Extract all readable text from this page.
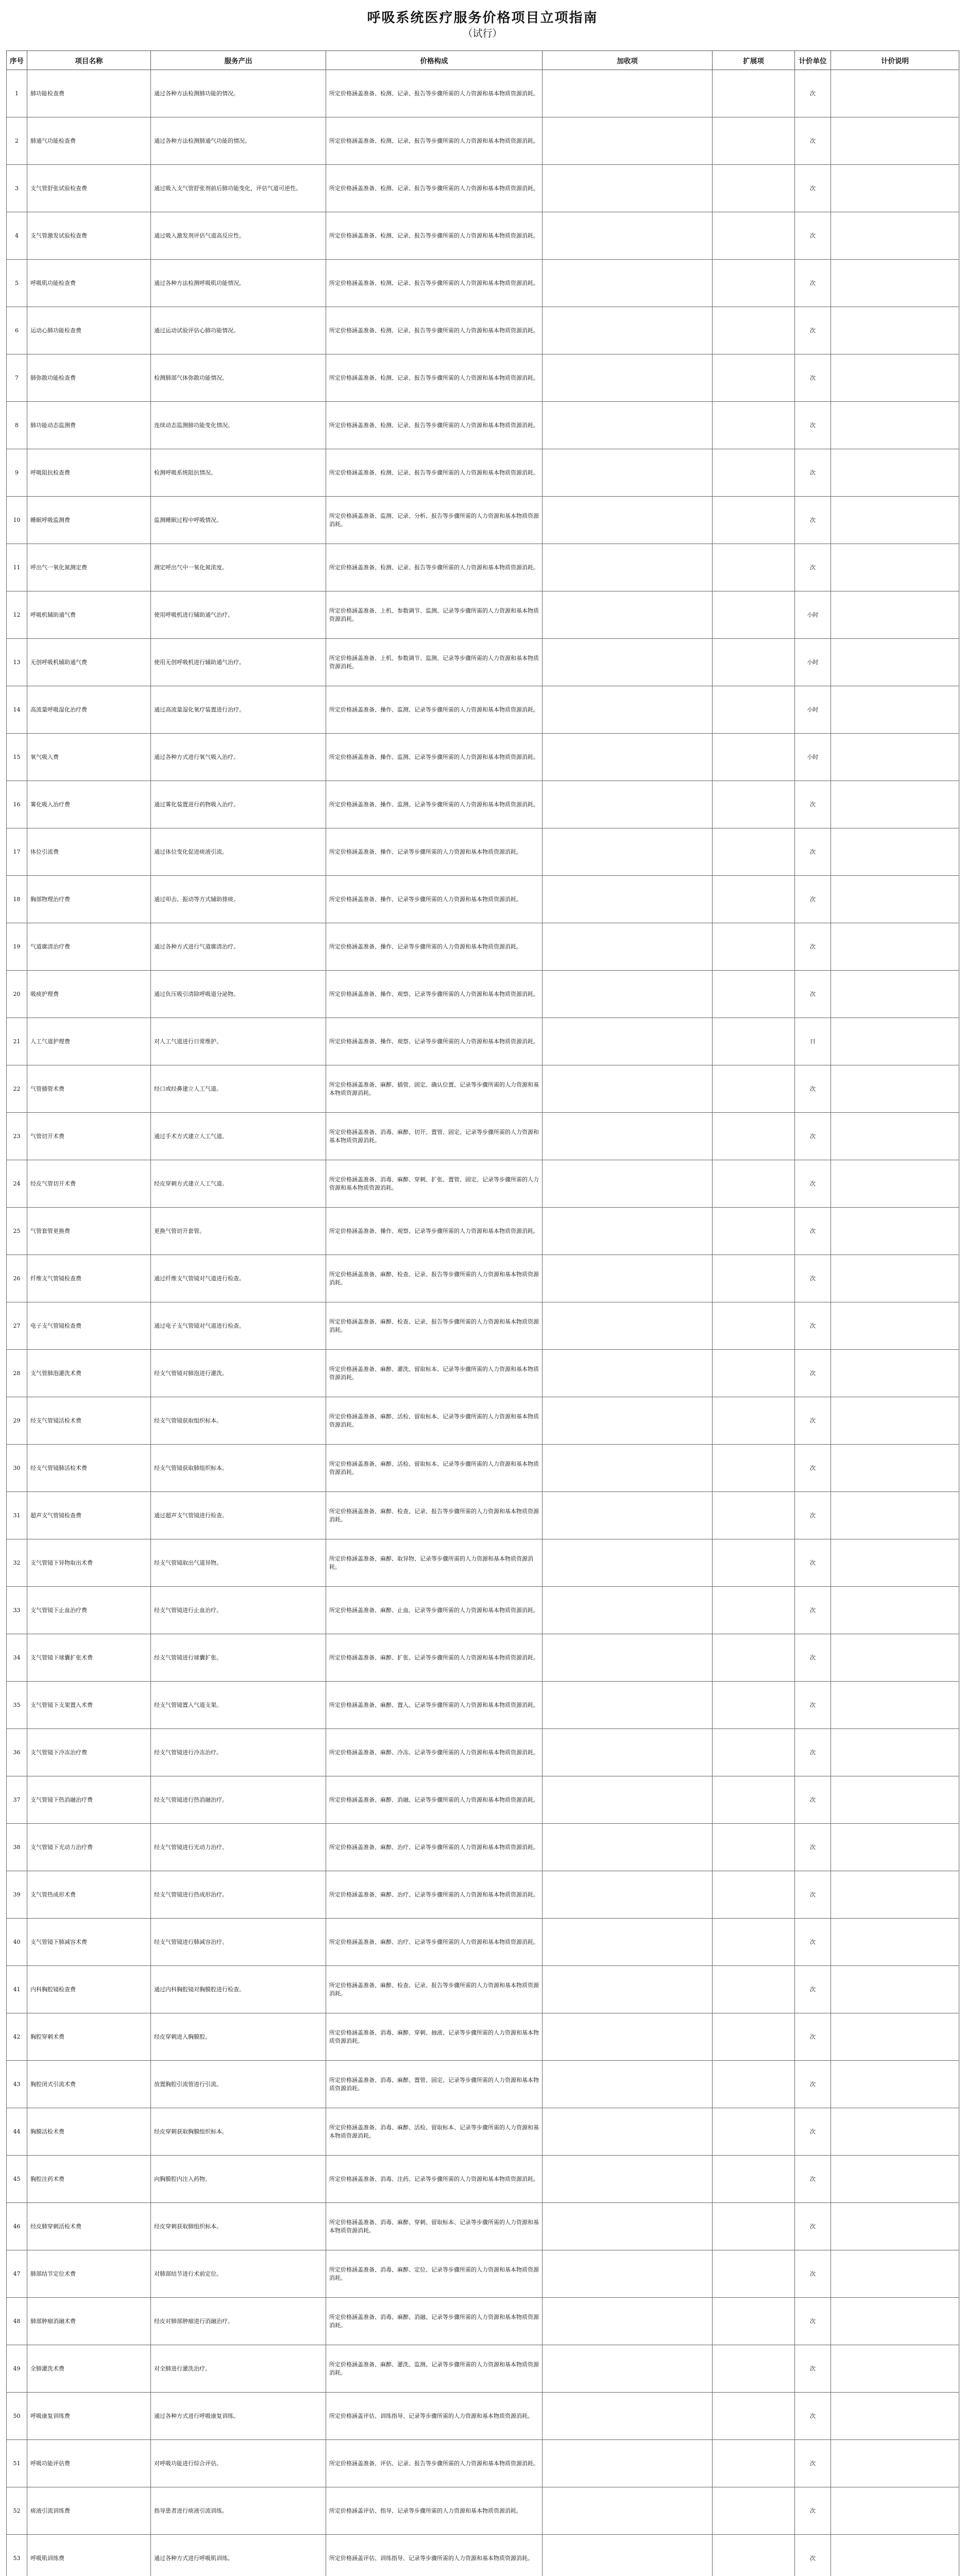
呼吸系统医疗服务价格项目立项指南
（试行）
序号	项目名称	服务产出	价格构成	加收项	扩展项	计价单位	计价说明
1	肺功能检查费	通过各种方法检测肺功能的情况。	所定价格涵盖准备、检测、记录、报告等步骤所需的人力资源和基本物质资源消耗。			次	
2	肺通气功能检查费	通过各种方法检测肺通气功能的情况。	所定价格涵盖准备、检测、记录、报告等步骤所需的人力资源和基本物质资源消耗。			次	
3	支气管舒张试验检查费	通过吸入支气管舒张剂前后肺功能变化，评估气道可逆性。	所定价格涵盖准备、检测、记录、报告等步骤所需的人力资源和基本物质资源消耗。			次	
4	支气管激发试验检查费	通过吸入激发剂评估气道高反应性。	所定价格涵盖准备、检测、记录、报告等步骤所需的人力资源和基本物质资源消耗。			次	
5	呼吸肌功能检查费	通过各种方法检测呼吸肌功能情况。	所定价格涵盖准备、检测、记录、报告等步骤所需的人力资源和基本物质资源消耗。			次	
6	运动心肺功能检查费	通过运动试验评估心肺功能情况。	所定价格涵盖准备、检测、记录、报告等步骤所需的人力资源和基本物质资源消耗。			次	
7	肺弥散功能检查费	检测肺部气体弥散功能情况。	所定价格涵盖准备、检测、记录、报告等步骤所需的人力资源和基本物质资源消耗。			次	
8	肺功能动态监测费	连续动态监测肺功能变化情况。	所定价格涵盖准备、检测、记录、报告等步骤所需的人力资源和基本物质资源消耗。			次	
9	呼吸阻抗检查费	检测呼吸系统阻抗情况。	所定价格涵盖准备、检测、记录、报告等步骤所需的人力资源和基本物质资源消耗。			次	
10	睡眠呼吸监测费	监测睡眠过程中呼吸情况。	所定价格涵盖准备、监测、记录、分析、报告等步骤所需的人力资源和基本物质资源消耗。			次	
11	呼出气一氧化氮测定费	测定呼出气中一氧化氮浓度。	所定价格涵盖准备、检测、记录、报告等步骤所需的人力资源和基本物质资源消耗。			次	
12	呼吸机辅助通气费	使用呼吸机进行辅助通气治疗。	所定价格涵盖准备、上机、参数调节、监测、记录等步骤所需的人力资源和基本物质资源消耗。			小时	
13	无创呼吸机辅助通气费	使用无创呼吸机进行辅助通气治疗。	所定价格涵盖准备、上机、参数调节、监测、记录等步骤所需的人力资源和基本物质资源消耗。			小时	
14	高流量呼吸湿化治疗费	通过高流量湿化氧疗装置进行治疗。	所定价格涵盖准备、操作、监测、记录等步骤所需的人力资源和基本物质资源消耗。			小时	
15	氧气吸入费	通过各种方式进行氧气吸入治疗。	所定价格涵盖准备、操作、监测、记录等步骤所需的人力资源和基本物质资源消耗。			小时	
16	雾化吸入治疗费	通过雾化装置进行药物吸入治疗。	所定价格涵盖准备、操作、监测、记录等步骤所需的人力资源和基本物质资源消耗。			次	
17	体位引流费	通过体位变化促进痰液引流。	所定价格涵盖准备、操作、记录等步骤所需的人力资源和基本物质资源消耗。			次	
18	胸部物理治疗费	通过叩击、振动等方式辅助排痰。	所定价格涵盖准备、操作、记录等步骤所需的人力资源和基本物质资源消耗。			次	
19	气道廓清治疗费	通过各种方式进行气道廓清治疗。	所定价格涵盖准备、操作、记录等步骤所需的人力资源和基本物质资源消耗。			次	
20	吸痰护理费	通过负压吸引清除呼吸道分泌物。	所定价格涵盖准备、操作、观察、记录等步骤所需的人力资源和基本物质资源消耗。			次	
21	人工气道护理费	对人工气道进行日常维护。	所定价格涵盖准备、操作、观察、记录等步骤所需的人力资源和基本物质资源消耗。			日	
22	气管插管术费	经口或经鼻建立人工气道。	所定价格涵盖准备、麻醉、插管、固定、确认位置、记录等步骤所需的人力资源和基本物质资源消耗。			次	
23	气管切开术费	通过手术方式建立人工气道。	所定价格涵盖准备、消毒、麻醉、切开、置管、固定、记录等步骤所需的人力资源和基本物质资源消耗。			次	
24	经皮气管切开术费	经皮穿刺方式建立人工气道。	所定价格涵盖准备、消毒、麻醉、穿刺、扩张、置管、固定、记录等步骤所需的人力资源和基本物质资源消耗。			次	
25	气管套管更换费	更换气管切开套管。	所定价格涵盖准备、操作、观察、记录等步骤所需的人力资源和基本物质资源消耗。			次	
26	纤维支气管镜检查费	通过纤维支气管镜对气道进行检查。	所定价格涵盖准备、麻醉、检查、记录、报告等步骤所需的人力资源和基本物质资源消耗。			次	
27	电子支气管镜检查费	通过电子支气管镜对气道进行检查。	所定价格涵盖准备、麻醉、检查、记录、报告等步骤所需的人力资源和基本物质资源消耗。			次	
28	支气管肺泡灌洗术费	经支气管镜对肺泡进行灌洗。	所定价格涵盖准备、麻醉、灌洗、留取标本、记录等步骤所需的人力资源和基本物质资源消耗。			次	
29	经支气管镜活检术费	经支气管镜获取组织标本。	所定价格涵盖准备、麻醉、活检、留取标本、记录等步骤所需的人力资源和基本物质资源消耗。			次	
30	经支气管镜肺活检术费	经支气管镜获取肺组织标本。	所定价格涵盖准备、麻醉、活检、留取标本、记录等步骤所需的人力资源和基本物质资源消耗。			次	
31	超声支气管镜检查费	通过超声支气管镜进行检查。	所定价格涵盖准备、麻醉、检查、记录、报告等步骤所需的人力资源和基本物质资源消耗。			次	
32	支气管镜下异物取出术费	经支气管镜取出气道异物。	所定价格涵盖准备、麻醉、取异物、记录等步骤所需的人力资源和基本物质资源消耗。			次	
33	支气管镜下止血治疗费	经支气管镜进行止血治疗。	所定价格涵盖准备、麻醉、止血、记录等步骤所需的人力资源和基本物质资源消耗。			次	
34	支气管镜下球囊扩张术费	经支气管镜进行球囊扩张。	所定价格涵盖准备、麻醉、扩张、记录等步骤所需的人力资源和基本物质资源消耗。			次	
35	支气管镜下支架置入术费	经支气管镜置入气道支架。	所定价格涵盖准备、麻醉、置入、记录等步骤所需的人力资源和基本物质资源消耗。			次	
36	支气管镜下冷冻治疗费	经支气管镜进行冷冻治疗。	所定价格涵盖准备、麻醉、冷冻、记录等步骤所需的人力资源和基本物质资源消耗。			次	
37	支气管镜下热消融治疗费	经支气管镜进行热消融治疗。	所定价格涵盖准备、麻醉、消融、记录等步骤所需的人力资源和基本物质资源消耗。			次	
38	支气管镜下光动力治疗费	经支气管镜进行光动力治疗。	所定价格涵盖准备、麻醉、治疗、记录等步骤所需的人力资源和基本物质资源消耗。			次	
39	支气管热成形术费	经支气管镜进行热成形治疗。	所定价格涵盖准备、麻醉、治疗、记录等步骤所需的人力资源和基本物质资源消耗。			次	
40	支气管镜下肺减容术费	经支气管镜进行肺减容治疗。	所定价格涵盖准备、麻醉、治疗、记录等步骤所需的人力资源和基本物质资源消耗。			次	
41	内科胸腔镜检查费	通过内科胸腔镜对胸膜腔进行检查。	所定价格涵盖准备、麻醉、检查、记录、报告等步骤所需的人力资源和基本物质资源消耗。			次	
42	胸腔穿刺术费	经皮穿刺进入胸膜腔。	所定价格涵盖准备、消毒、麻醉、穿刺、抽液、记录等步骤所需的人力资源和基本物质资源消耗。			次	
43	胸腔闭式引流术费	放置胸腔引流管进行引流。	所定价格涵盖准备、消毒、麻醉、置管、固定、记录等步骤所需的人力资源和基本物质资源消耗。			次	
44	胸膜活检术费	经皮穿刺获取胸膜组织标本。	所定价格涵盖准备、消毒、麻醉、活检、留取标本、记录等步骤所需的人力资源和基本物质资源消耗。			次	
45	胸腔注药术费	向胸膜腔内注入药物。	所定价格涵盖准备、消毒、注药、记录等步骤所需的人力资源和基本物质资源消耗。			次	
46	经皮肺穿刺活检术费	经皮穿刺获取肺组织标本。	所定价格涵盖准备、消毒、麻醉、穿刺、留取标本、记录等步骤所需的人力资源和基本物质资源消耗。			次	
47	肺部结节定位术费	对肺部结节进行术前定位。	所定价格涵盖准备、消毒、麻醉、定位、记录等步骤所需的人力资源和基本物质资源消耗。			次	
48	肺部肿瘤消融术费	经皮对肺部肿瘤进行消融治疗。	所定价格涵盖准备、消毒、麻醉、消融、记录等步骤所需的人力资源和基本物质资源消耗。			次	
49	全肺灌洗术费	对全肺进行灌洗治疗。	所定价格涵盖准备、麻醉、灌洗、监测、记录等步骤所需的人力资源和基本物质资源消耗。			次	
50	呼吸康复训练费	通过各种方式进行呼吸康复训练。	所定价格涵盖评估、训练指导、记录等步骤所需的人力资源和基本物质资源消耗。			次	
51	呼吸功能评估费	对呼吸功能进行综合评估。	所定价格涵盖准备、评估、记录、报告等步骤所需的人力资源和基本物质资源消耗。			次	
52	痰液引流训练费	指导患者进行痰液引流训练。	所定价格涵盖评估、指导、记录等步骤所需的人力资源和基本物质资源消耗。			次	
53	呼吸肌训练费	通过各种方式进行呼吸肌训练。	所定价格涵盖评估、训练指导、记录等步骤所需的人力资源和基本物质资源消耗。			次	
